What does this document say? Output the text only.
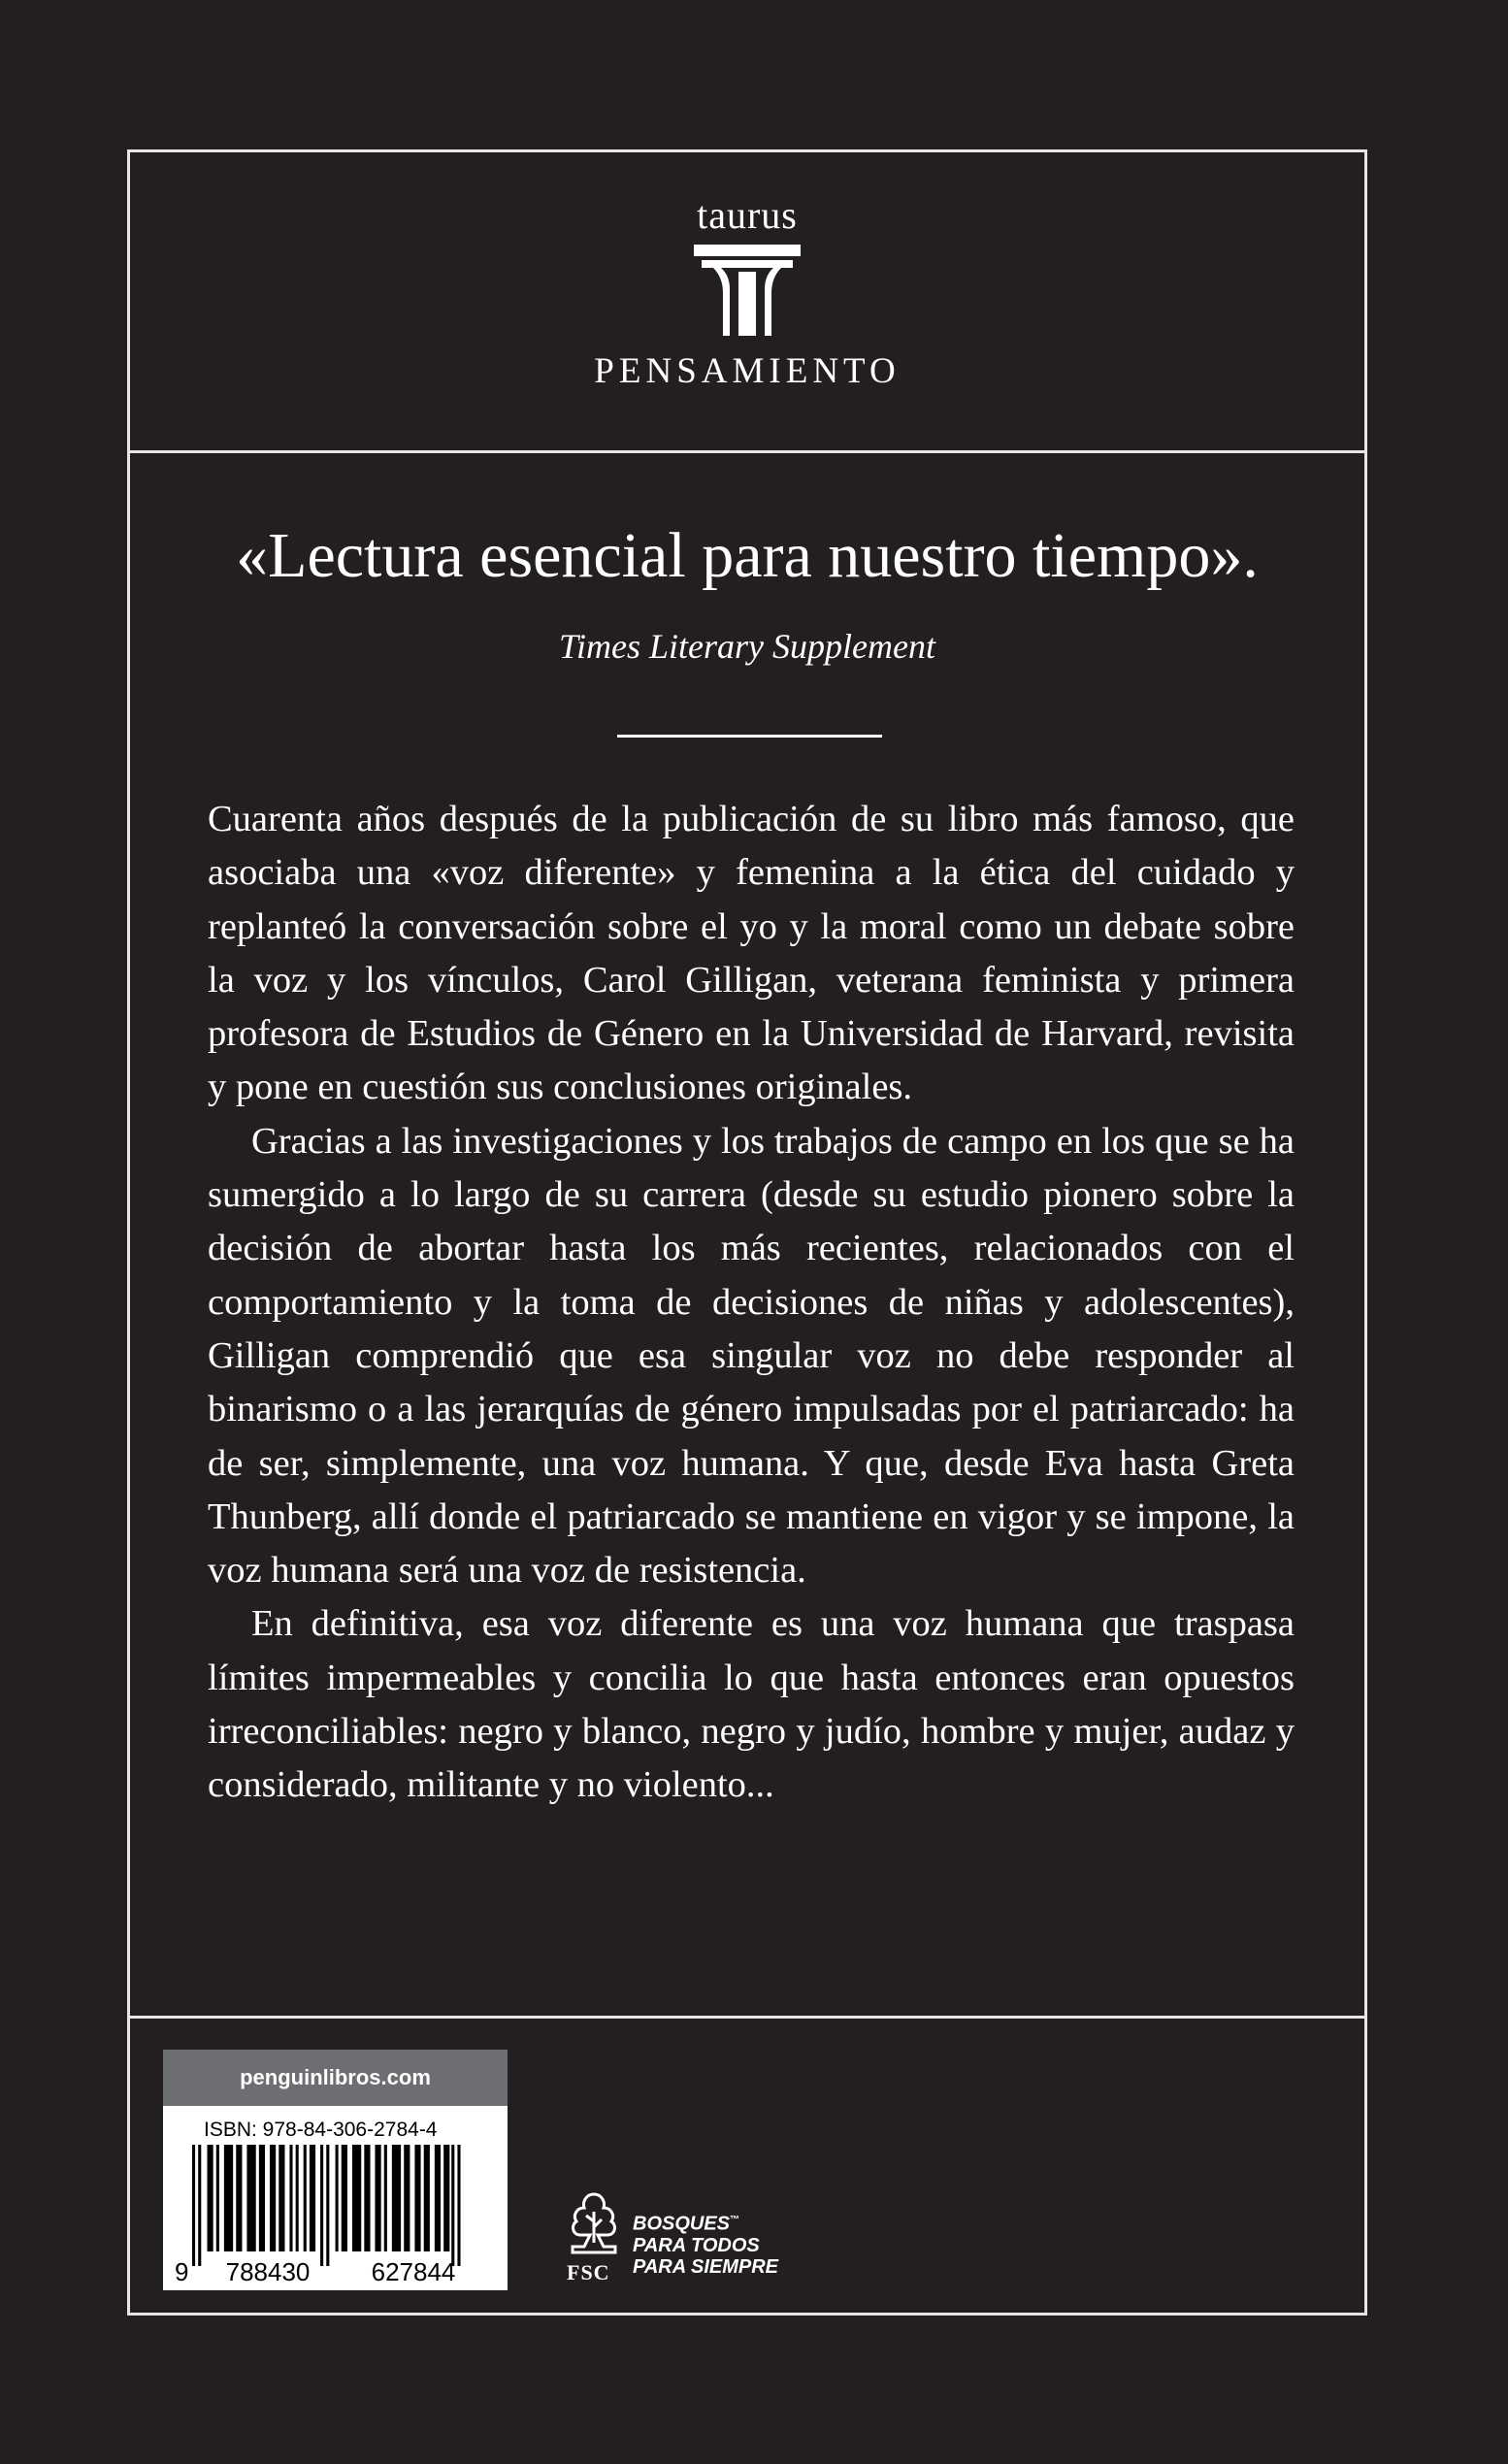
taurus
PENSAMIENTO
«Lectura esencial para nuestro tiempo».
Times Literary Supplement

Cuarenta años después de la publicación de su libro más famoso, que asociaba una «voz diferente» y femenina a la ética del cuidado y replanteó la conversación sobre el yo y la moral como un debate sobre la voz y los vínculos, Carol Gilligan, veterana feminista y primera profesora de Estudios de Género en la Universidad de Harvard, revisita y pone en cuestión sus conclusiones originales.

Gracias a las investigaciones y los trabajos de campo en los que se ha sumergido a lo largo de su carrera (desde su estudio pionero sobre la decisión de abortar hasta los más recientes, relacionados con el comportamiento y la toma de decisiones de niñas y adolescentes), Gilligan comprendió que esa singular voz no debe responder al binarismo o a las jerarquías de género impulsadas por el patriarcado: ha de ser, simplemente, una voz humana. Y que, desde Eva hasta Greta Thunberg, allí donde el patriarcado se mantiene en vigor y se impone, la voz humana será una voz de resistencia.

En definitiva, esa voz diferente es una voz humana que traspasa límites impermeables y concilia lo que hasta entonces eran opuestos irreconciliables: negro y blanco, negro y judío, hombre y mujer, audaz y considerado, militante y no violento...

penguinlibros.com
ISBN: 978-84-306-2784-4
9 788430 627844	FSC
BOSQUES™
PARA TODOS
PARA SIEMPRE
